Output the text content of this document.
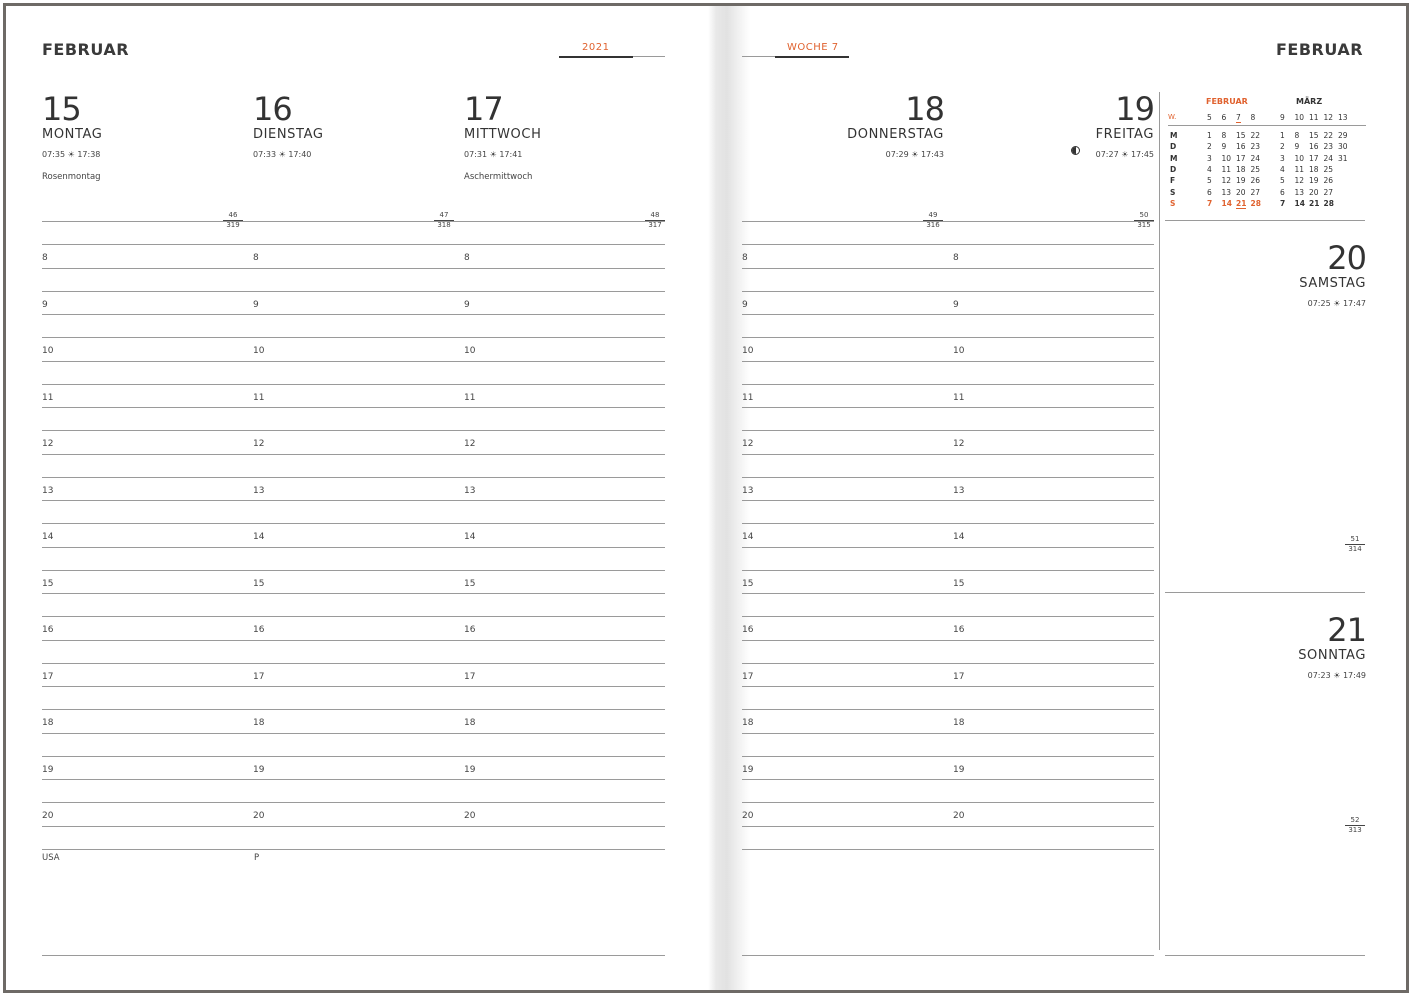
FEBRUAR	2021	WOCHE 7	FEBRUAR
15
MONTAG
07:35 ☀ 17:38
Rosenmontag
16
DIENSTAG
07:33 ☀ 17:40
17
MITTWOCH
07:31 ☀ 17:41
Aschermittwoch
18
DONNERSTAG
07:29 ☀ 17:43
19
FREITAG
07:27 ☀ 17:45
46
319
47
318
48
317
49
316
50
315
USA	P
8	8	8
9	9	9
10	10	10
11	11	11
12	12	12
13	13	13
14	14	14
15	15	15
16	16	16
17	17	17
18	18	18
19	19	19
20	20	20
8	8
9	9
10	10
11	11
12	12
13	13
14	14
15	15
16	16
17	17
18	18
19	19
20	20
FEBRUAR	MÄRZ
W.	5 6 7 8	9 10 11 12 13
M	1 8 15 22	1 8 15 22 29
D	2 9 16 23	2 9 16 23 30
M	3 10 17 24	3 10 17 24 31
D	4 11 18 25	4 11 18 25
F	5 12 19 26	5 12 19 26
S	6 13 20 27	6 13 20 27
S	7 14 21 28	7 14 21 28
20
SAMSTAG
07:25 ☀ 17:47
51
314
21
SONNTAG
07:23 ☀ 17:49
52
313
